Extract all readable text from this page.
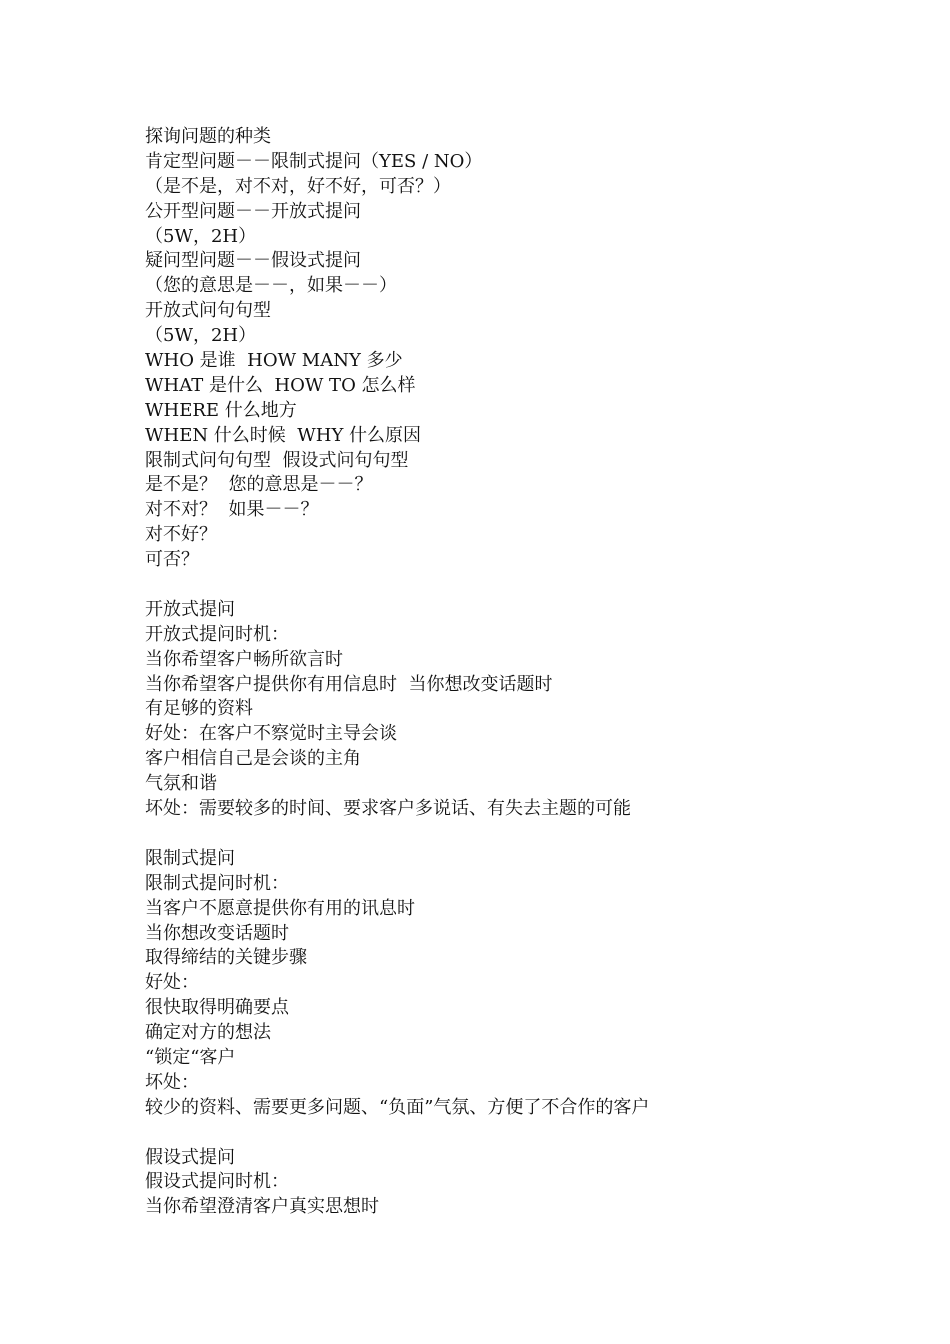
探询问题的种类
肯定型问题－－限制式提问（YES / NO）
（是不是，对不对，好不好，可否？）
公开型问题－－开放式提问
（5W，2H）
疑问型问题－－假设式提问
（您的意思是－－，如果－－）
开放式问句句型
（5W，2H）
WHO 是谁  HOW MANY 多少
WHAT 是什么  HOW TO 怎么样
WHERE 什么地方
WHEN 什么时候  WHY 什么原因
限制式问句句型  假设式问句句型
是不是？  您的意思是－－？
对不对？  如果－－？
对不好？
可否？
开放式提问
开放式提问时机：
当你希望客户畅所欲言时
当你希望客户提供你有用信息时  当你想改变话题时
有足够的资料
好处：在客户不察觉时主导会谈
客户相信自己是会谈的主角
气氛和谐
坏处：需要较多的时间、要求客户多说话、有失去主题的可能
限制式提问
限制式提问时机：
当客户不愿意提供你有用的讯息时
当你想改变话题时
取得缔结的关键步骤
好处：
很快取得明确要点
确定对方的想法
“锁定“客户
坏处：
较少的资料、需要更多问题、“负面”气氛、方便了不合作的客户
假设式提问
假设式提问时机：
当你希望澄清客户真实思想时
